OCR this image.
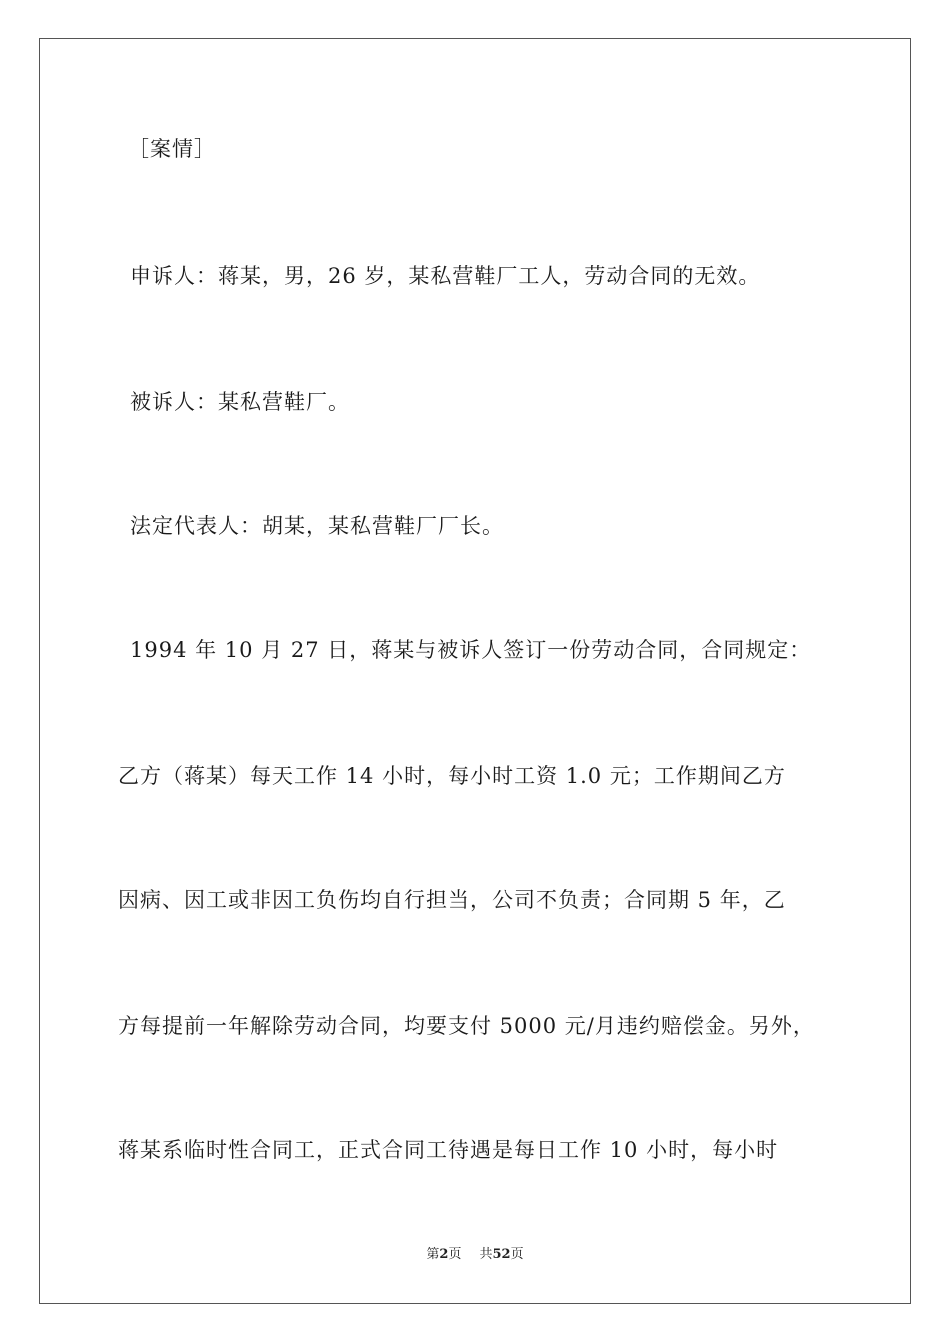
［案情］
申诉人：蒋某，男，26 岁，某私营鞋厂工人，劳动合同的无效。
被诉人：某私营鞋厂。
法定代表人：胡某，某私营鞋厂厂长。
1994 年 10 月 27 日，蒋某与被诉人签订一份劳动合同，合同规定：
乙方（蒋某）每天工作 14 小时，每小时工资 1.0 元；工作期间乙方
因病、因工或非因工负伤均自行担当，公司不负责；合同期 5 年，乙
方每提前一年解除劳动合同，均要支付 5000 元/月违约赔偿金。另外，
蒋某系临时性合同工，正式合同工待遇是每日工作 10 小时，每小时
第2页 共52页
